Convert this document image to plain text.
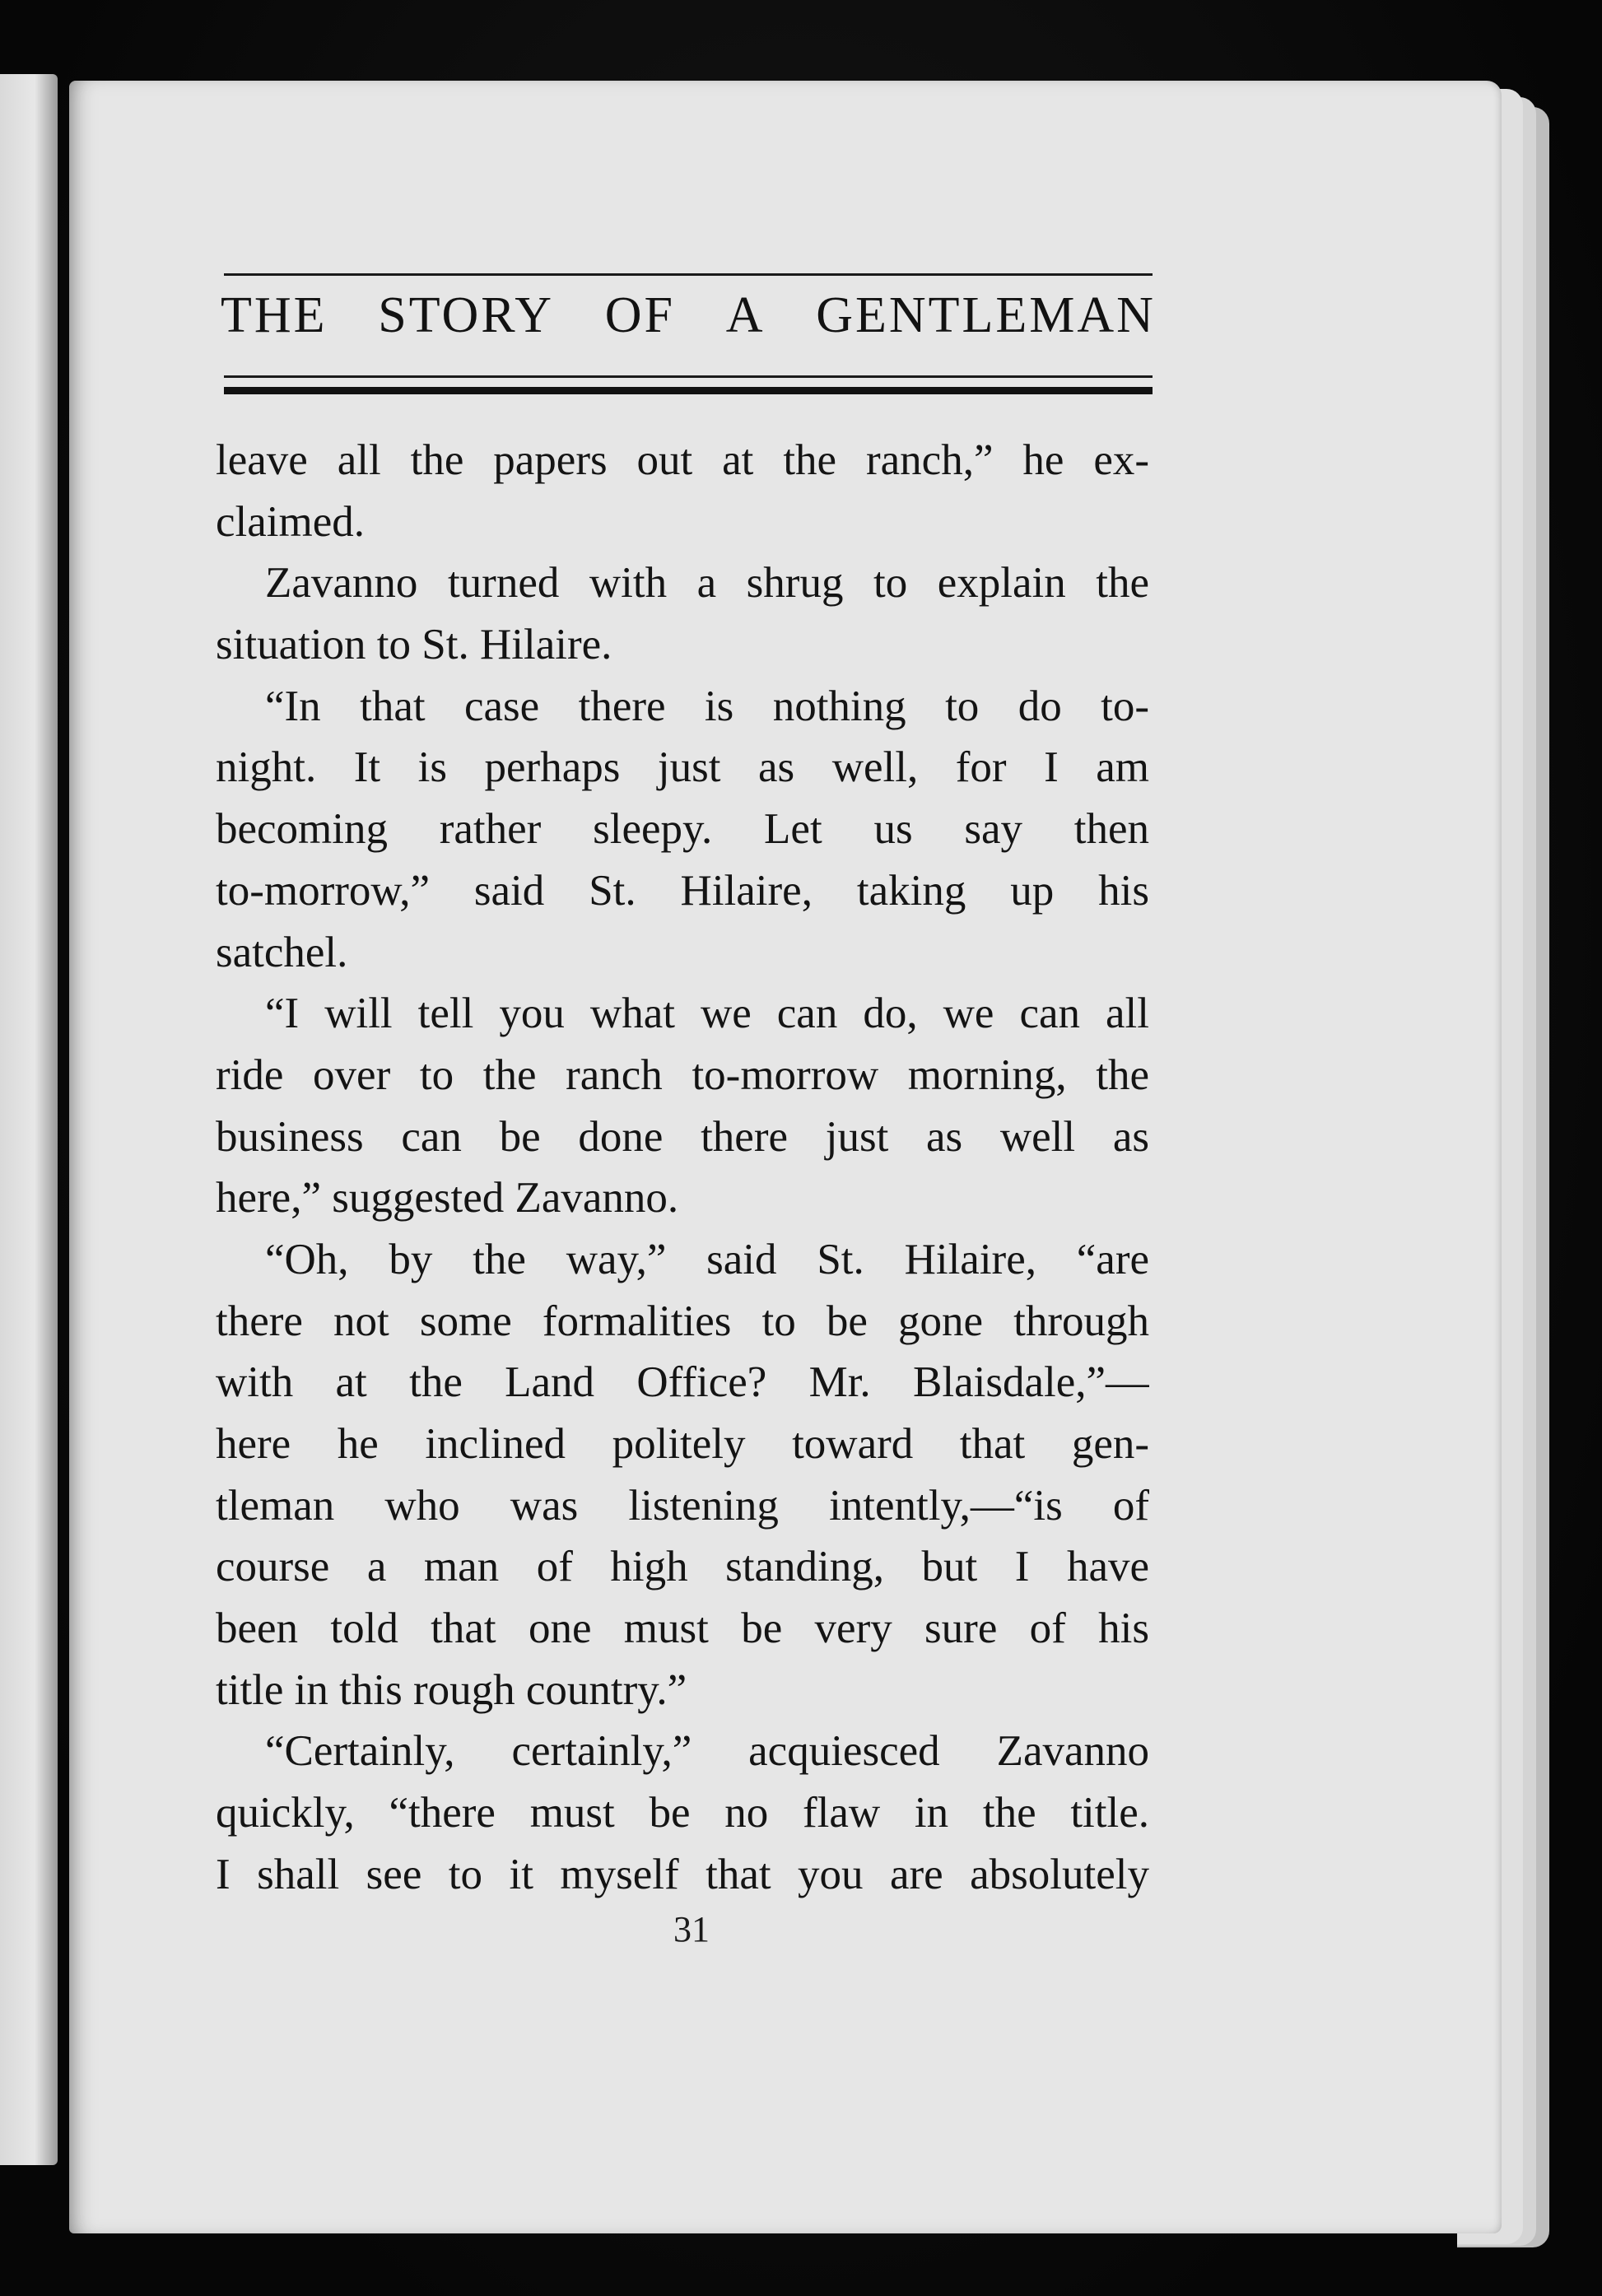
THE STORY OF A GENTLEMAN
leave all the papers out at the ranch,” he ex-
claimed.
Zavanno turned with a shrug to explain the
situation to St. Hilaire.
“In that case there is nothing to do to-
night. It is perhaps just as well, for I am
becoming rather sleepy. Let us say then
to-morrow,” said St. Hilaire, taking up his
satchel.
“I will tell you what we can do, we can all
ride over to the ranch to-morrow morning, the
business can be done there just as well as
here,” suggested Zavanno.
“Oh, by the way,” said St. Hilaire, “are
there not some formalities to be gone through
with at the Land Office? Mr. Blaisdale,”—
here he inclined politely toward that gen-
tleman who was listening intently,—“is of
course a man of high standing, but I have
been told that one must be very sure of his
title in this rough country.”
“Certainly, certainly,” acquiesced Zavanno
quickly, “there must be no flaw in the title.
I shall see to it myself that you are absolutely
31
